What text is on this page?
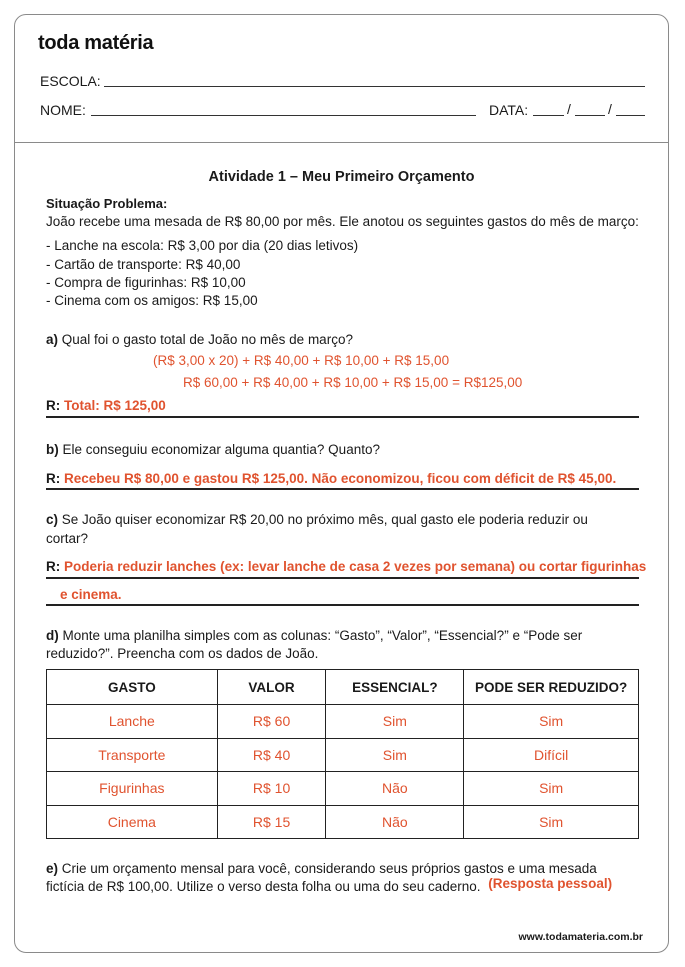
toda matéria
ESCOLA:
NOME:	DATA:	/	/
Atividade 1 – Meu Primeiro Orçamento
Situação Problema:
João recebe uma mesada de R$ 80,00 por mês. Ele anotou os seguintes gastos do mês de março:
- Lanche na escola: R$ 3,00 por dia (20 dias letivos)
- Cartão de transporte: R$ 40,00
- Compra de figurinhas: R$ 10,00
- Cinema com os amigos: R$ 15,00
a) Qual foi o gasto total de João no mês de março?
(R$ 3,00 x 20) + R$ 40,00 + R$ 10,00 + R$ 15,00
R$ 60,00 + R$ 40,00 + R$ 10,00 + R$ 15,00 = R$125,00
R: Total: R$ 125,00
b) Ele conseguiu economizar alguma quantia? Quanto?
R: Recebeu R$ 80,00 e gastou R$ 125,00. Não economizou, ficou com déficit de R$ 45,00.
c) Se João quiser economizar R$ 20,00 no próximo mês, qual gasto ele poderia reduzir ou
cortar?
R: Poderia reduzir lanches (ex: levar lanche de casa 2 vezes por semana) ou cortar figurinhas
e cinema.
d) Monte uma planilha simples com as colunas: “Gasto”, “Valor”, “Essencial?” e “Pode ser
reduzido?”. Preencha com os dados de João.
GASTO	VALOR	ESSENCIAL?	PODE SER REDUZIDO?
Lanche	R$ 60	Sim	Sim
Transporte	R$ 40	Sim	Difícil
Figurinhas	R$ 10	Não	Sim
Cinema	R$ 15	Não	Sim
e) Crie um orçamento mensal para você, considerando seus próprios gastos e uma mesada
fictícia de R$ 100,00. Utilize o verso desta folha ou uma do seu caderno. (Resposta pessoal)
www.todamateria.com.br
